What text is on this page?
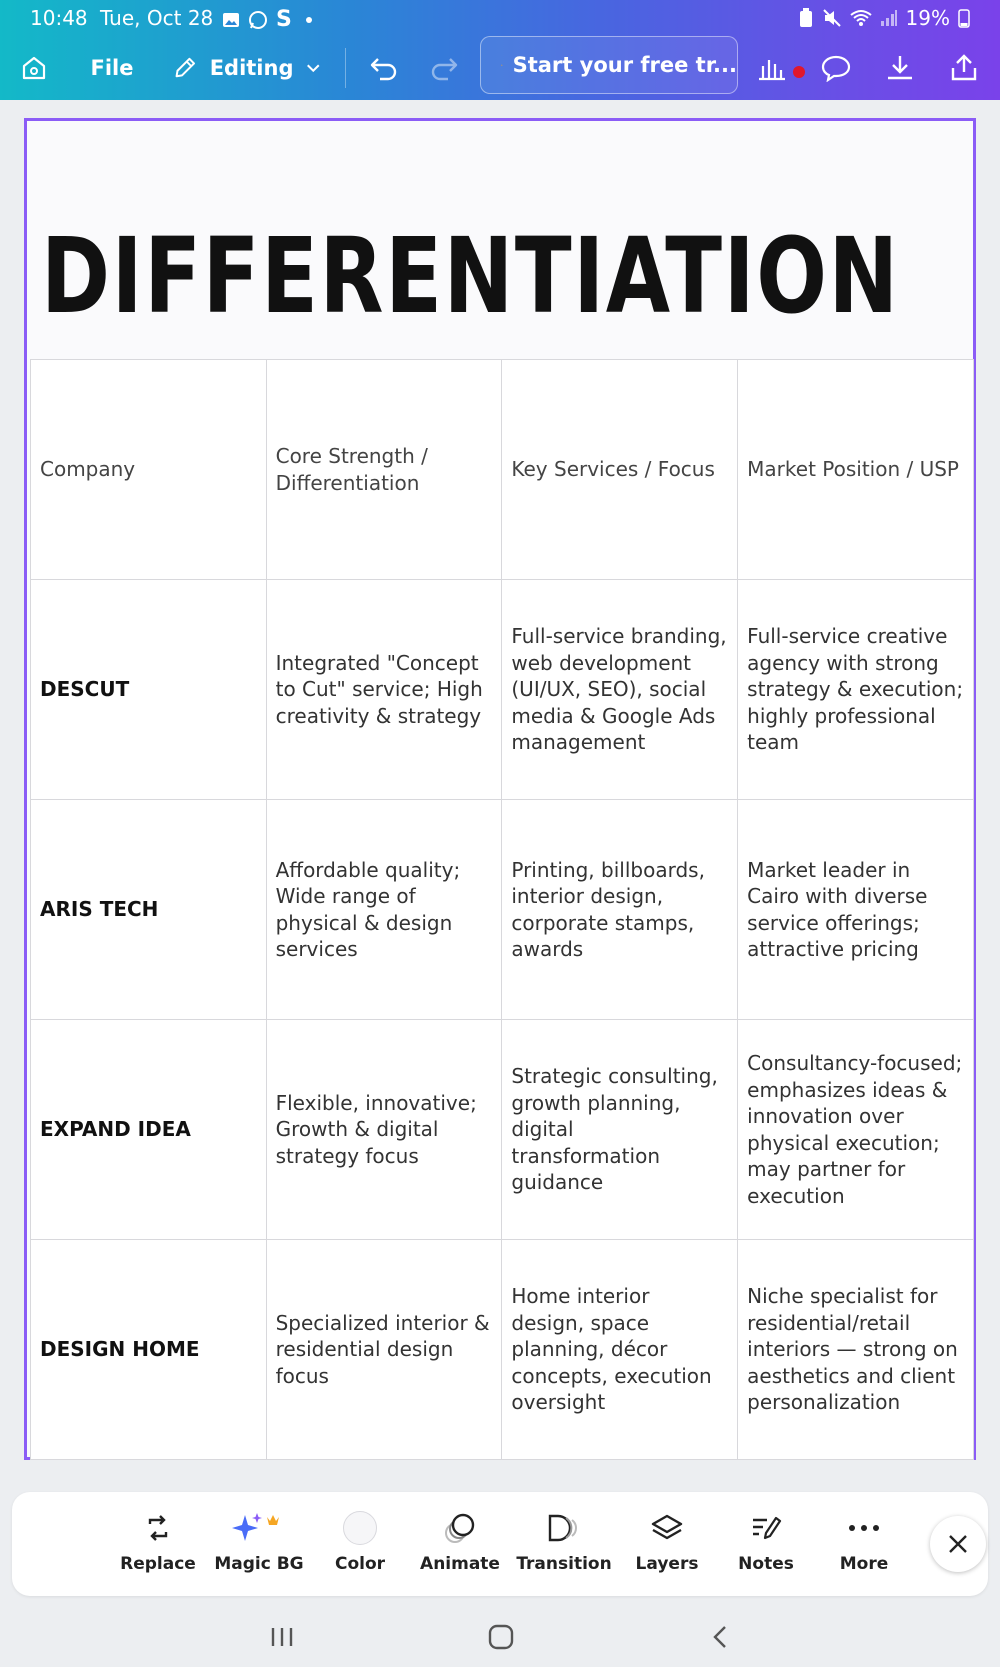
10:48 Tue, Oct 28	S	19%
File	Editing	Start your free tr...
DIFFERENTIATION
Company	Core Strength / Differentiation	Key Services / Focus	Market Position / USP
DESCUT	Integrated "Concept to Cut" service; High creativity & strategy	Full-service branding, web development (UI/UX, SEO), social media & Google Ads management	Full-service creative agency with strong strategy & execution; highly professional team
ARIS TECH	Affordable quality; Wide range of physical & design services	Printing, billboards, interior design, corporate stamps, awards	Market leader in Cairo with diverse service offerings; attractive pricing
EXPAND IDEA	Flexible, innovative; Growth & digital strategy focus	Strategic consulting, growth planning, digital transformation guidance	Consultancy-focused; emphasizes ideas & innovation over physical execution; may partner for execution
DESIGN HOME	Specialized interior & residential design focus	Home interior design, space planning, décor concepts, execution oversight	Niche specialist for residential/retail interiors — strong on aesthetics and client personalization
Replace	Magic BG	Color	Animate Transition	Layers	Notes	More
